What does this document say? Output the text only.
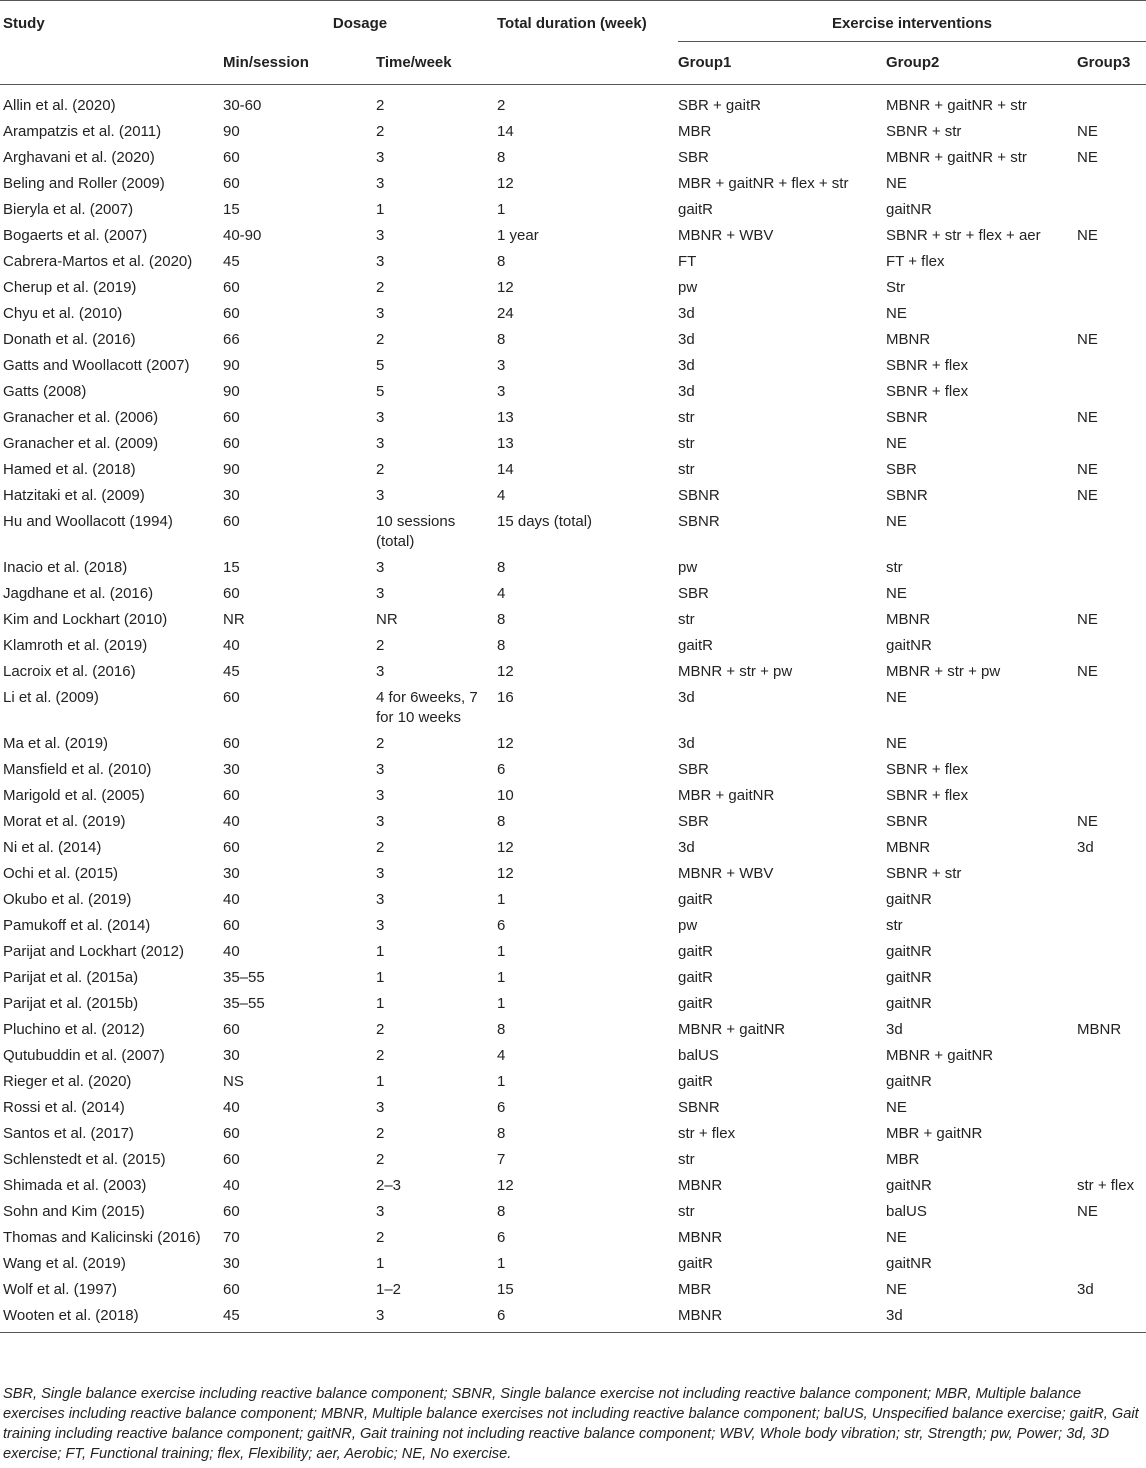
Study	Dosage		Total duration (week)	Exercise interventions		
	Min/session	Time/week		Group1	Group2	Group3

Allin et al. (2020)	30-60	2	2	SBR + gaitR	MBNR + gaitNR + str	
Arampatzis et al. (2011)	90	2	14	MBR	SBNR + str	NE
Arghavani et al. (2020)	60	3	8	SBR	MBNR + gaitNR + str	NE
Beling and Roller (2009)	60	3	12	MBR + gaitNR + flex + str	NE	
Bieryla et al. (2007)	15	1	1	gaitR	gaitNR	
Bogaerts et al. (2007)	40-90	3	1 year	MBNR + WBV	SBNR + str + flex + aer	NE
Cabrera-Martos et al. (2020)	45	3	8	FT	FT + flex	
Cherup et al. (2019)	60	2	12	pw	Str	
Chyu et al. (2010)	60	3	24	3d	NE	
Donath et al. (2016)	66	2	8	3d	MBNR	NE
Gatts and Woollacott (2007)	90	5	3	3d	SBNR + flex	
Gatts (2008)	90	5	3	3d	SBNR + flex	
Granacher et al. (2006)	60	3	13	str	SBNR	NE
Granacher et al. (2009)	60	3	13	str	NE	
Hamed et al. (2018)	90	2	14	str	SBR	NE
Hatzitaki et al. (2009)	30	3	4	SBNR	SBNR	NE
Hu and Woollacott (1994)	60	10 sessions (total)	15 days (total)	SBNR	NE	
Inacio et al. (2018)	15	3	8	pw	str	
Jagdhane et al. (2016)	60	3	4	SBR	NE	
Kim and Lockhart (2010)	NR	NR	8	str	MBNR	NE
Klamroth et al. (2019)	40	2	8	gaitR	gaitNR	
Lacroix et al. (2016)	45	3	12	MBNR + str + pw	MBNR + str + pw	NE
Li et al. (2009)	60	4 for 6weeks, 7 for 10 weeks	16	3d	NE	
Ma et al. (2019)	60	2	12	3d	NE	
Mansfield et al. (2010)	30	3	6	SBR	SBNR + flex	
Marigold et al. (2005)	60	3	10	MBR + gaitNR	SBNR + flex	
Morat et al. (2019)	40	3	8	SBR	SBNR	NE
Ni et al. (2014)	60	2	12	3d	MBNR	3d
Ochi et al. (2015)	30	3	12	MBNR + WBV	SBNR + str	
Okubo et al. (2019)	40	3	1	gaitR	gaitNR	
Pamukoff et al. (2014)	60	3	6	pw	str	
Parijat and Lockhart (2012)	40	1	1	gaitR	gaitNR	
Parijat et al. (2015a)	35–55	1	1	gaitR	gaitNR	
Parijat et al. (2015b)	35–55	1	1	gaitR	gaitNR	
Pluchino et al. (2012)	60	2	8	MBNR + gaitNR	3d	MBNR
Qutubuddin et al. (2007)	30	2	4	balUS	MBNR + gaitNR	
Rieger et al. (2020)	NS	1	1	gaitR	gaitNR	
Rossi et al. (2014)	40	3	6	SBNR	NE	
Santos et al. (2017)	60	2	8	str + flex	MBR + gaitNR	
Schlenstedt et al. (2015)	60	2	7	str	MBR	
Shimada et al. (2003)	40	2–3	12	MBNR	gaitNR	str + flex
Sohn and Kim (2015)	60	3	8	str	balUS	NE
Thomas and Kalicinski (2016)	70	2	6	MBNR	NE	
Wang et al. (2019)	30	1	1	gaitR	gaitNR	
Wolf et al. (1997)	60	1–2	15	MBR	NE	3d
Wooten et al. (2018)	45	3	6	MBNR	3d	
SBR, Single balance exercise including reactive balance component; SBNR, Single balance exercise not including reactive balance component; MBR, Multiple balance exercises including reactive balance component; MBNR, Multiple balance exercises not including reactive balance component; balUS, Unspecified balance exercise; gaitR, Gait training including reactive balance component; gaitNR, Gait training not including reactive balance component; WBV, Whole body vibration; str, Strength; pw, Power; 3d, 3D exercise; FT, Functional training; flex, Flexibility; aer, Aerobic; NE, No exercise.
